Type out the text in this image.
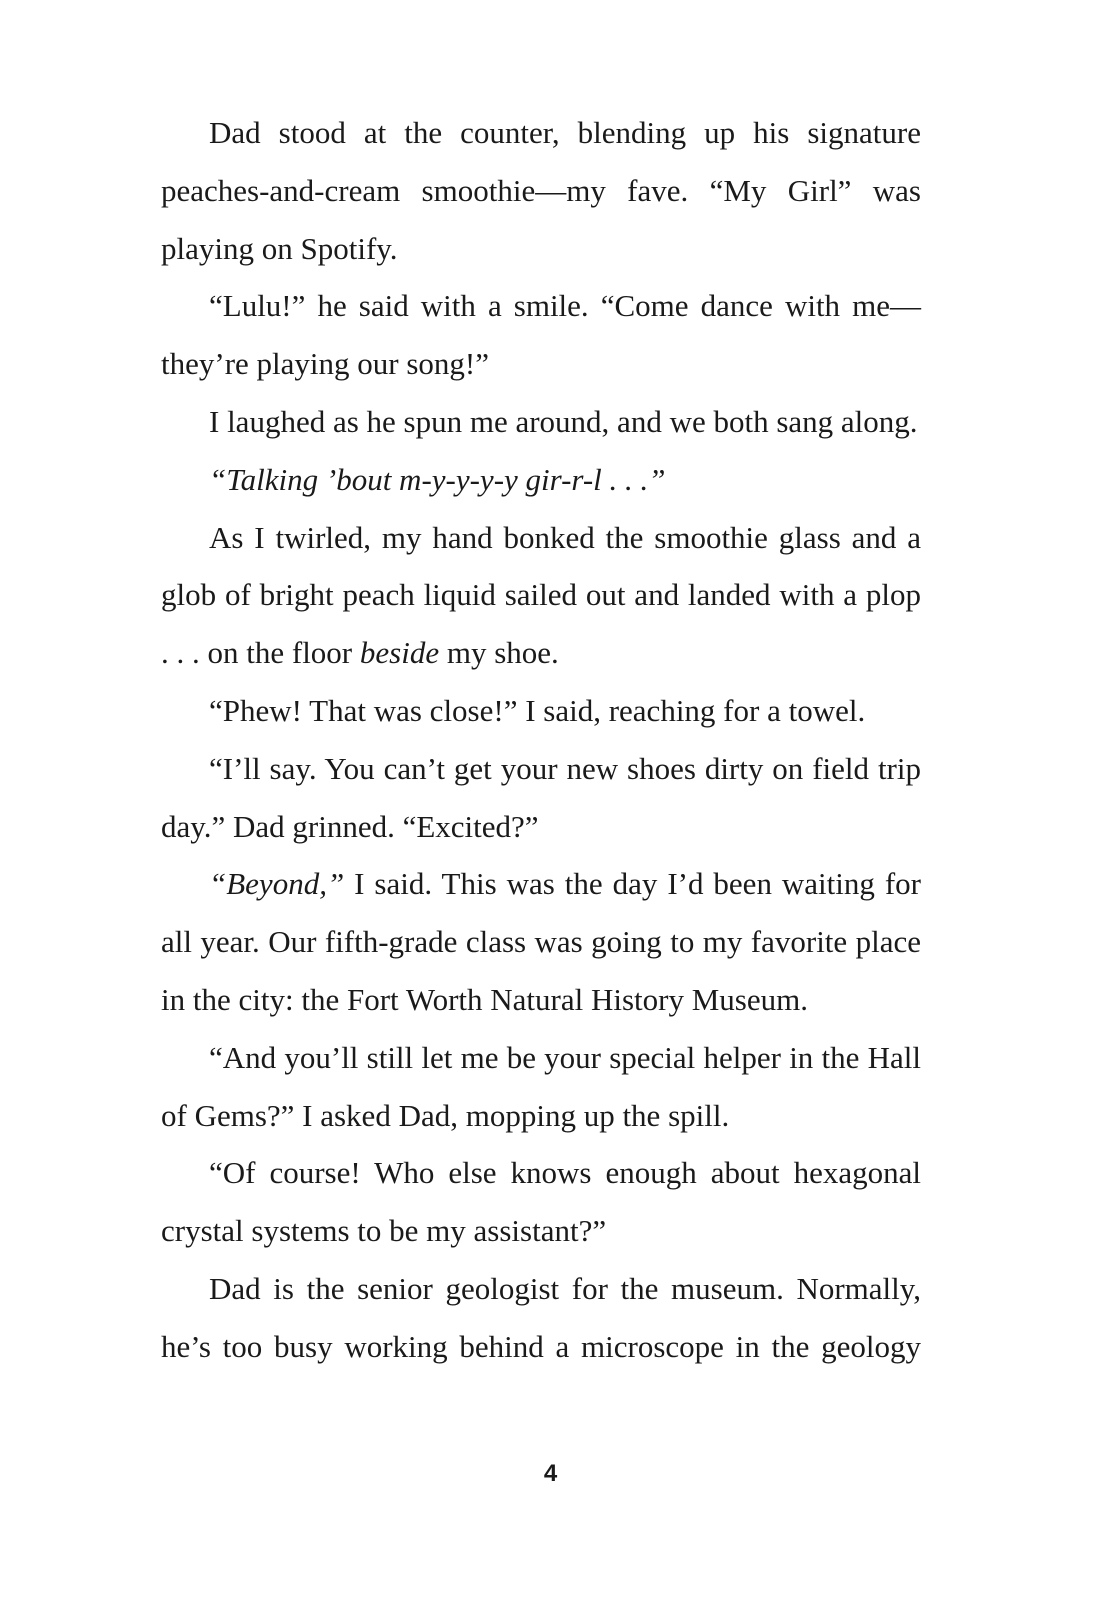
Dad stood at the counter, blending up his signature peaches-and-cream smoothie—my fave. “My Girl” was playing on Spotify.

“Lulu!” he said with a smile. “Come dance with me—they’re playing our song!”

I laughed as he spun me around, and we both sang along.

“Talking ’bout m-y-y-y-y gir-r-l . . .”

As I twirled, my hand bonked the smoothie glass and a glob of bright peach liquid sailed out and landed with a plop . . . on the floor beside my shoe.

“Phew! That was close!” I said, reaching for a towel.

“I’ll say. You can’t get your new shoes dirty on field trip day.” Dad grinned. “Excited?”

“Beyond,” I said. This was the day I’d been waiting for all year. Our fifth-grade class was going to my favorite place in the city: the Fort Worth Natural History Museum.

“And you’ll still let me be your special helper in the Hall of Gems?” I asked Dad, mopping up the spill.

“Of course! Who else knows enough about hexagonal crystal systems to be my assistant?”

Dad is the senior geologist for the museum. Normally, he’s too busy working behind a microscope in the geology

4
